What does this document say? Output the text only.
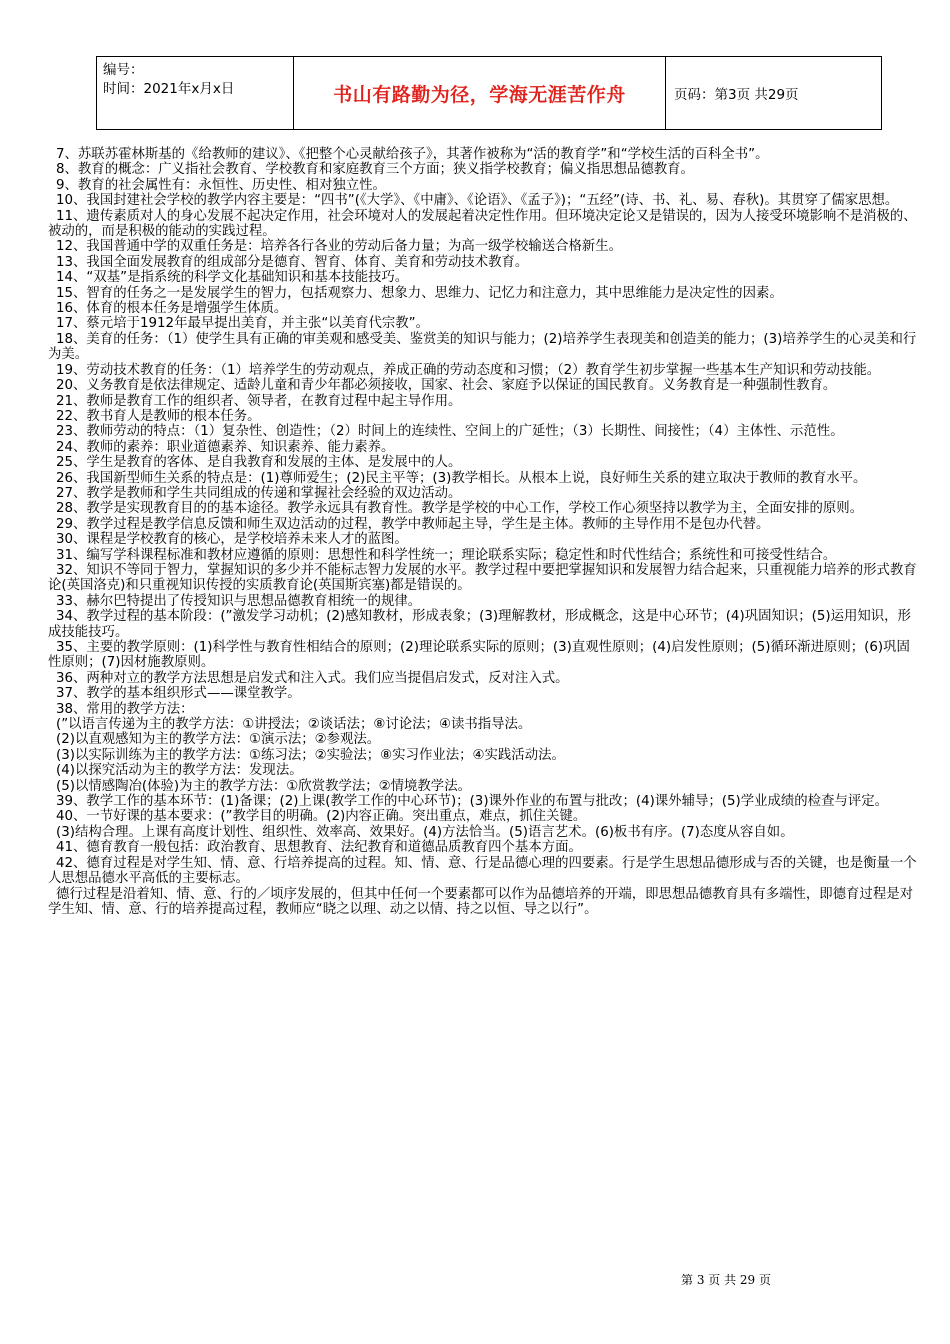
编号：
时间：2021年x月x日	书山有路勤为径，学海无涯苦作舟	页码：第3页 共29页

7、苏联苏霍林斯基的《给教师的建议》、《把整个心灵献给孩子》，其著作被称为“活的教育学”和“学校生活的百科全书”。

8、教育的概念：广义指社会教育、学校教育和家庭教育三个方面；狭义指学校教育；偏义指思想品德教育。

9、教育的社会属性有：永恒性、历史性、相对独立性。

10、我国封建社会学校的教学内容主要是：“四书”(《大学》、《中庸》、《论语》、《孟子》)；“五经”(诗、书、礼、易、春秋)。其贯穿了儒家思想。

11、遗传素质对人的身心发展不起决定作用，社会环境对人的发展起着决定性作用。但环境决定论又是错误的，因为人接受环境影响不是消极的、被动的，而是积极的能动的实践过程。

12、我国普通中学的双重任务是：培养各行各业的劳动后备力量；为高一级学校输送合格新生。

13、我国全面发展教育的组成部分是德育、智育、体育、美育和劳动技术教育。

14、“双基”是指系统的科学文化基础知识和基本技能技巧。

15、智育的任务之一是发展学生的智力，包括观察力、想象力、思维力、记忆力和注意力，其中思维能力是决定性的因素。

16、体育的根本任务是增强学生体质。

17、蔡元培于1912年最早提出美育，并主张“以美育代宗教”。

18、美育的任务：（1）使学生具有正确的审美观和感受美、鉴赏美的知识与能力；(2)培养学生表现美和创造美的能力；(3)培养学生的心灵美和行为美。

19、劳动技术教育的任务：（1）培养学生的劳动观点，养成正确的劳动态度和习惯；（2）教育学生初步掌握一些基本生产知识和劳动技能。

20、义务教育是依法律规定、适龄儿童和青少年都必须接收，国家、社会、家庭予以保证的国民教育。义务教育是一种强制性教育。

21、教师是教育工作的组织者、领导者，在教育过程中起主导作用。

22、教书育人是教师的根本任务。

23、教师劳动的特点：（1）复杂性、创造性；（2）时间上的连续性、空间上的广延性；（3）长期性、间接性；（4）主体性、示范性。

24、教师的素养：职业道德素养、知识素养、能力素养。

25、学生是教育的客体、是自我教育和发展的主体、是发展中的人。

26、我国新型师生关系的特点是：(1)尊师爱生；(2)民主平等；(3)教学相长。从根本上说，良好师生关系的建立取决于教师的教育水平。

27、教学是教师和学生共同组成的传递和掌握社会经验的双边活动。

28、教学是实现教育目的的基本途径。教学永远具有教育性。教学是学校的中心工作，学校工作心须坚持以教学为主，全面安排的原则。

29、教学过程是教学信息反馈和师生双边活动的过程，教学中教师起主导，学生是主体。教师的主导作用不是包办代替。

30、课程是学校教育的核心，是学校培养未来人才的蓝图。

31、编写学科课程标准和教材应遵循的原则：思想性和科学性统一；理论联系实际；稳定性和时代性结合；系统性和可接受性结合。

32、知识不等同于智力，掌握知识的多少并不能标志智力发展的水平。教学过程中要把掌握知识和发展智力结合起来，只重视能力培养的形式教育论(英国洛克)和只重视知识传授的实质教育论(英国斯宾塞)都是错误的。

33、赫尔巴特提出了传授知识与思想品德教育相统一的规律。

34、教学过程的基本阶段：(”激发学习动机；(2)感知教材，形成表象；(3)理解教材，形成概念，这是中心环节；(4)巩固知识；(5)运用知识，形成技能技巧。

35、主要的教学原则：(1)科学性与教育性相结合的原则；(2)理论联系实际的原则；(3)直观性原则；(4)启发性原则；(5)循环渐进原则；(6)巩固性原则；(7)因材施教原则。

36、两种对立的教学方法思想是启发式和注入式。我们应当提倡启发式，反对注入式。

37、教学的基本组织形式——课堂教学。

38、常用的教学方法：

(”以语言传递为主的教学方法：①讲授法；②谈话法；⑧讨论法；④读书指导法。

(2)以直观感知为主的教学方法：①演示法；②参观法。

(3)以实际训练为主的教学方法：①练习法；②实验法；⑧实习作业法；④实践活动法。

(4)以探究活动为主的教学方法：发现法。

(5)以情感陶冶(体验)为主的教学方法：①欣赏教学法；②情境教学法。

39、教学工作的基本环节：(1)备课；(2)上课(教学工作的中心环节)；(3)课外作业的布置与批改；(4)课外辅导；(5)学业成绩的检查与评定。

40、一节好课的基本要求：(”教学目的明确。(2)内容正确。突出重点，难点，抓住关键。

(3)结构合理。上课有高度计划性、组织性、效率高、效果好。(4)方法恰当。(5)语言艺术。(6)板书有序。(7)态度从容自如。

41、德育教育一般包括：政治教育、思想教育、法纪教育和道德品质教育四个基本方面。

42、德育过程是对学生知、情、意、行培养提高的过程。知、情、意、行是品德心理的四要素。行是学生思想品德形成与否的关键，也是衡量一个人思想品德水平高低的主要标志。

德行过程是沿着知、情、意、行的／顷序发展的，但其中任何一个要素都可以作为品德培养的开端，即思想品德教育具有多端性，即德育过程是对学生知、情、意、行的培养提高过程，教师应“晓之以理、动之以情、持之以恒、导之以行”。

第 3 页 共 29 页
